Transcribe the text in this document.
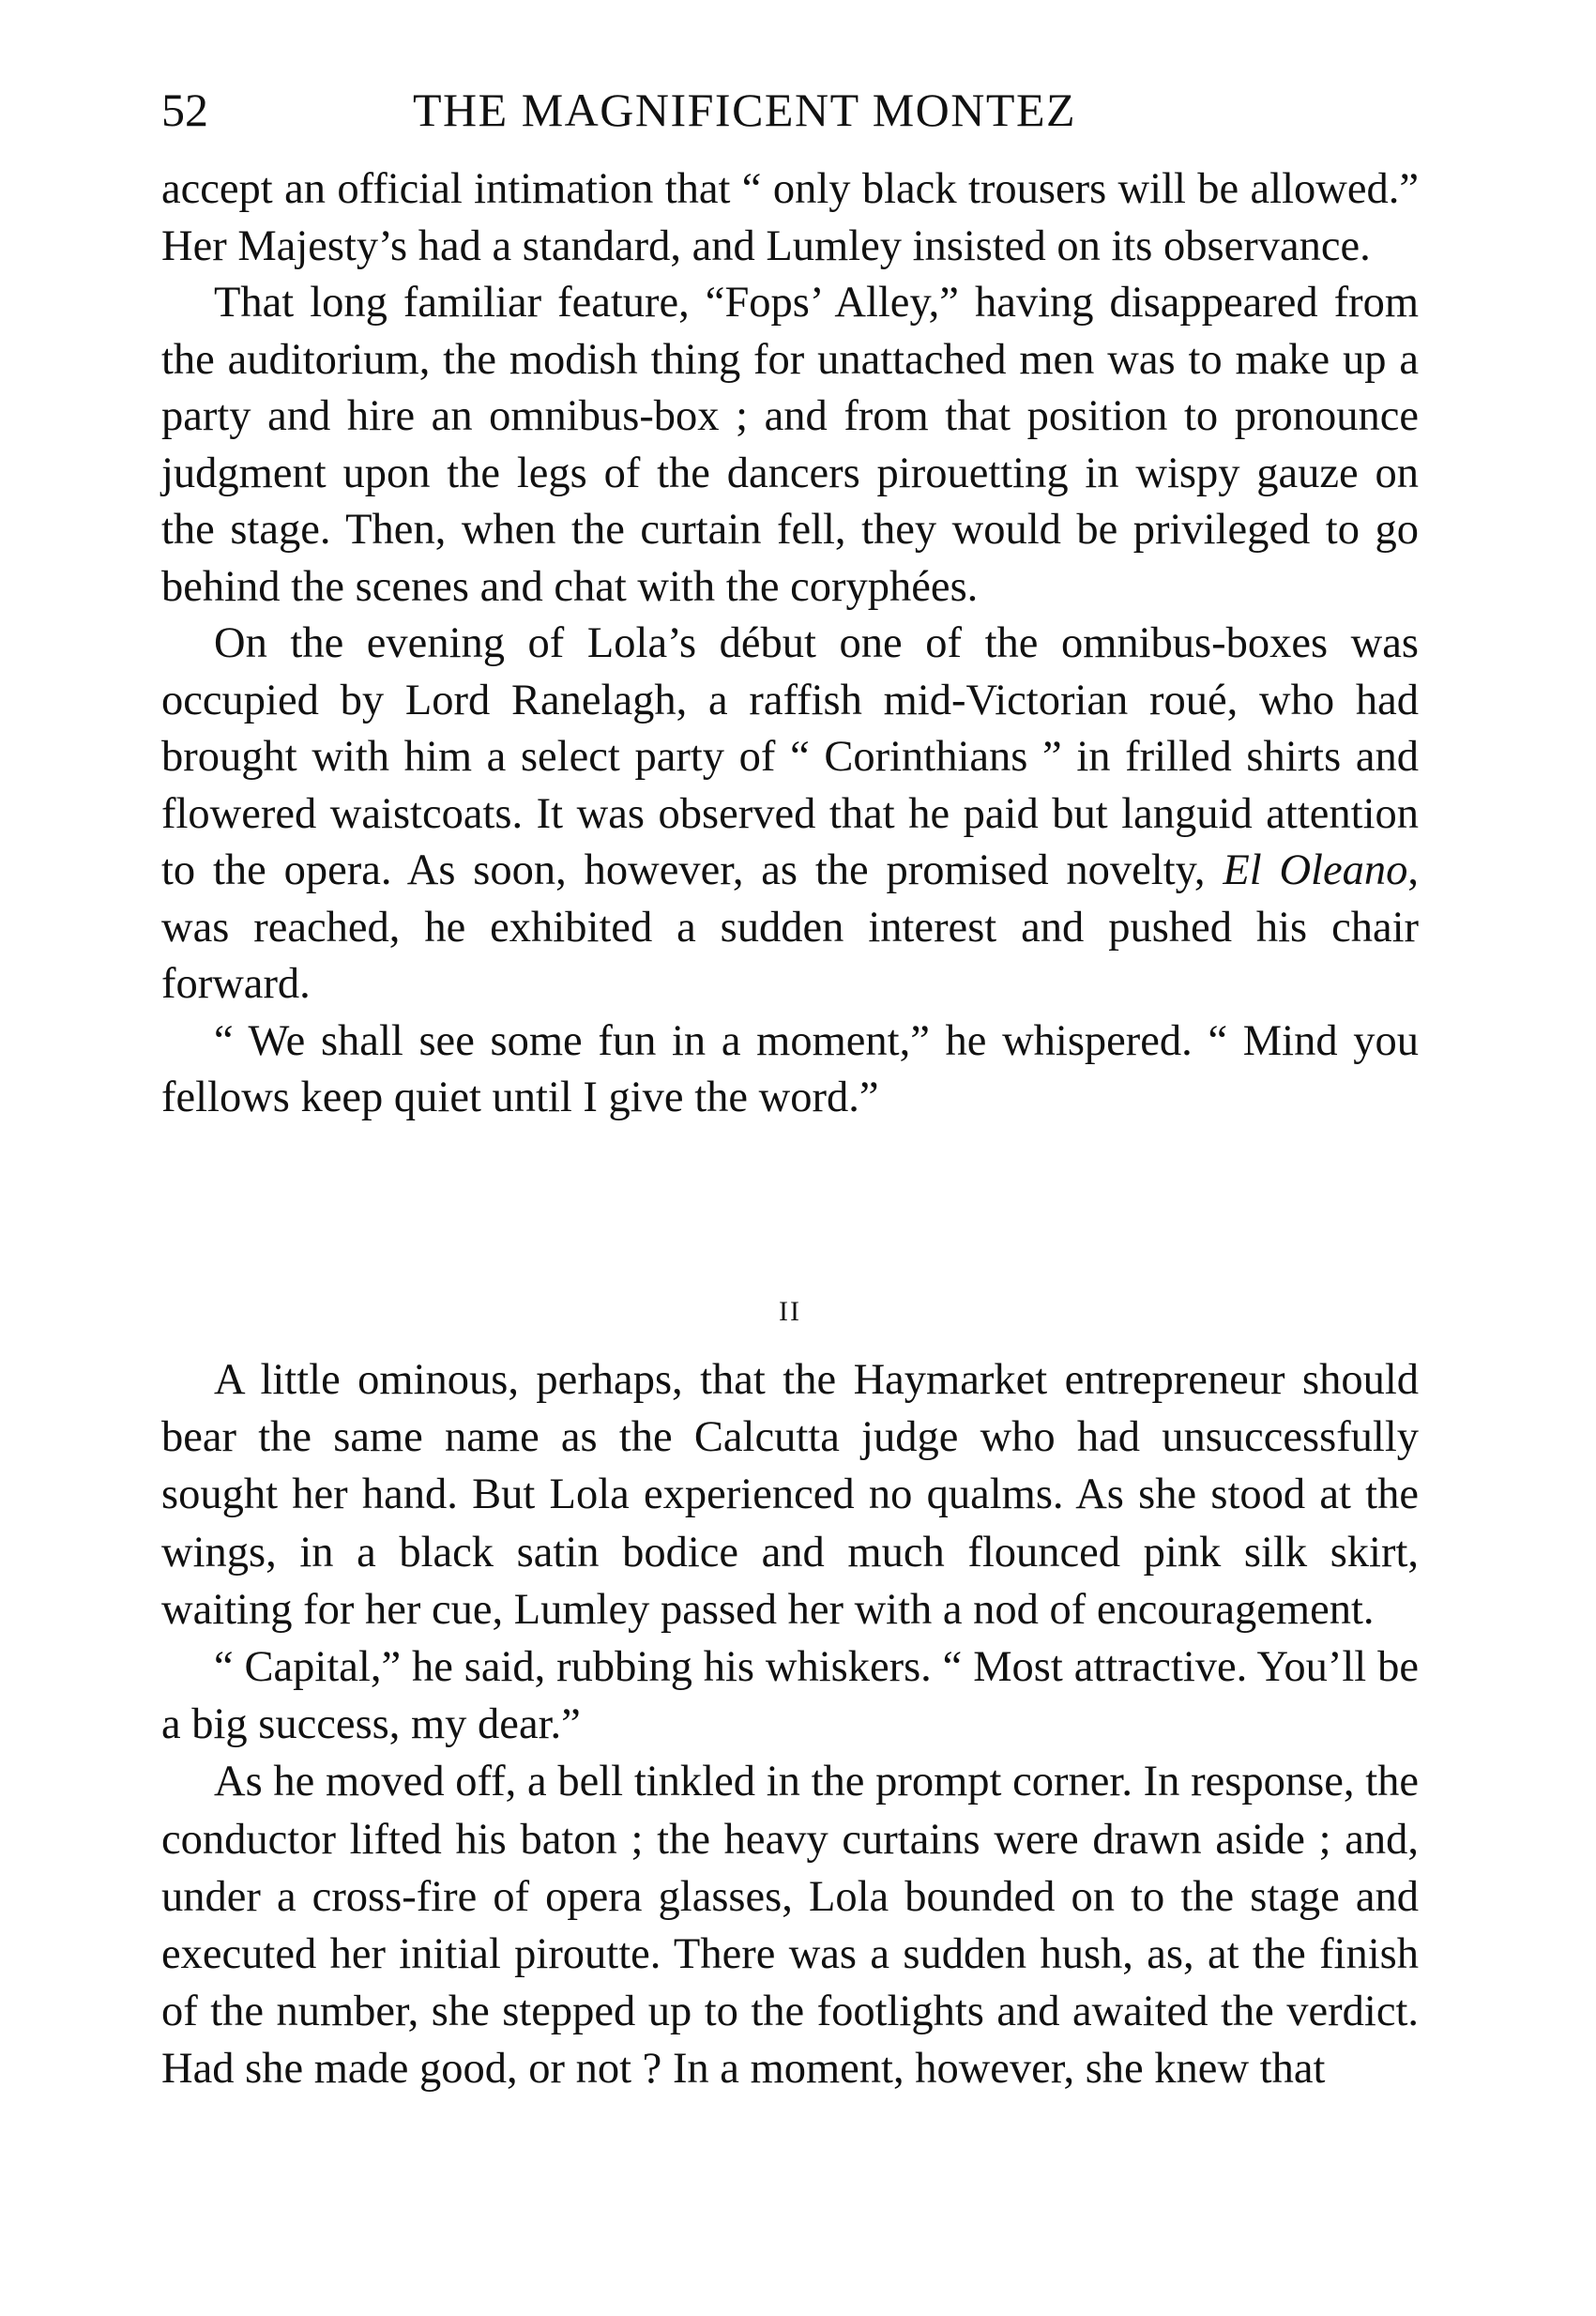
52	THE MAGNIFICENT MONTEZ

accept an official intimation that “ only black trousers will be allowed.” Her Majesty’s had a standard, and Lumley insisted on its observance.

That long familiar feature, “Fops’ Alley,” having disappeared from the auditorium, the modish thing for unattached men was to make up a party and hire an omnibus-box ; and from that position to pronounce judgment upon the legs of the dancers pirouetting in wispy gauze on the stage. Then, when the curtain fell, they would be privileged to go behind the scenes and chat with the coryphées.

On the evening of Lola’s début one of the omnibus-boxes was occupied by Lord Ranelagh, a raffish mid-Victorian roué, who had brought with him a select party of “ Corinthians ” in frilled shirts and flowered waistcoats. It was observed that he paid but languid attention to the opera. As soon, however, as the promised novelty, El Oleano, was reached, he exhibited a sudden interest and pushed his chair forward.

“ We shall see some fun in a moment,” he whispered. “ Mind you fellows keep quiet until I give the word.”

II

A little ominous, perhaps, that the Haymarket entrepreneur should bear the same name as the Calcutta judge who had unsuccessfully sought her hand. But Lola experienced no qualms. As she stood at the wings, in a black satin bodice and much flounced pink silk skirt, waiting for her cue, Lumley passed her with a nod of encouragement.

“ Capital,” he said, rubbing his whiskers. “ Most attractive. You’ll be a big success, my dear.”

As he moved off, a bell tinkled in the prompt corner. In response, the conductor lifted his baton ; the heavy curtains were drawn aside ; and, under a cross-fire of opera glasses, Lola bounded on to the stage and executed her initial piroutte. There was a sudden hush, as, at the finish of the number, she stepped up to the footlights and awaited the verdict. Had she made good, or not ? In a moment, however, she knew that
